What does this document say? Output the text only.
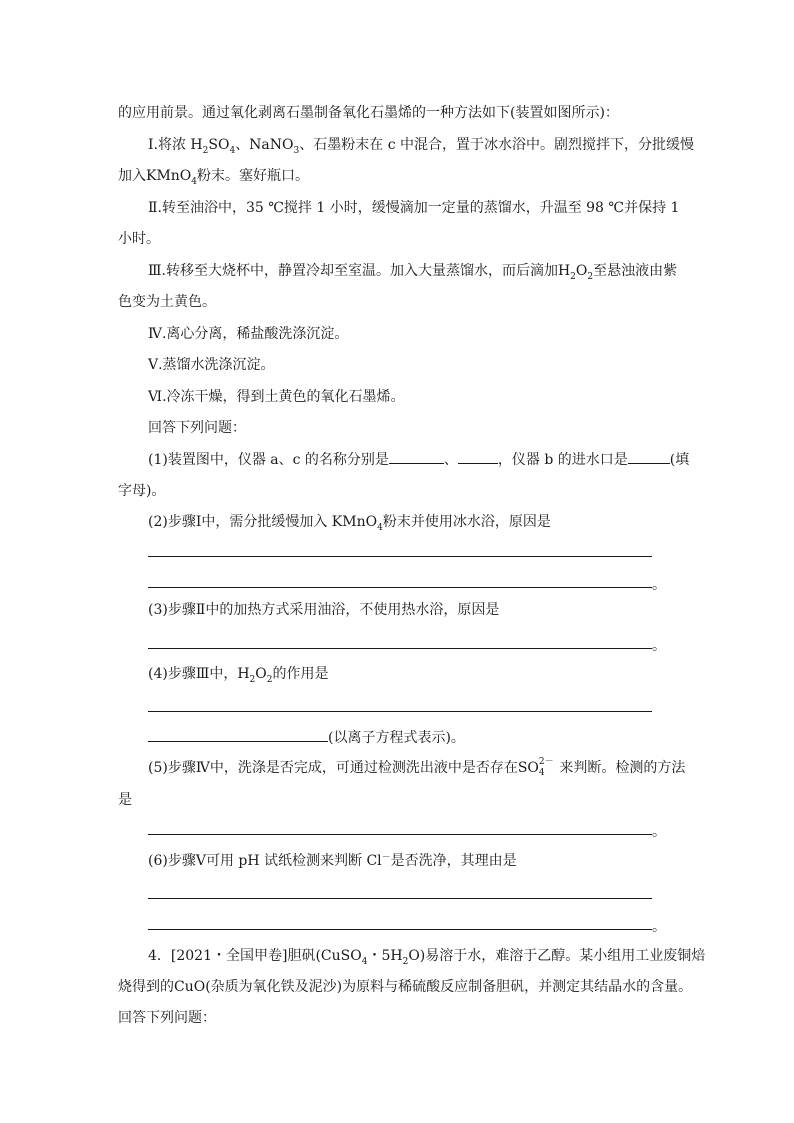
的应用前景。通过氧化剥离石墨制备氧化石墨烯的一种方法如下(装置如图所示)：
Ⅰ.将浓 $H_2SO_4$、NaNO$_3$、石墨粉末在 c 中混合，置于冰水浴中。剧烈搅拌下，分批缓慢
加入KMnO$_4$粉末。塞好瓶口。
Ⅱ.转至油浴中，35 ℃搅拌 1 小时，缓慢滴加一定量的蒸馏水，升温至 98 ℃并保持 1
小时。
Ⅲ.转移至大烧杯中，静置冷却至室温。加入大量蒸馏水，而后滴加$H_2O_2$至悬浊液由紫
色变为土黄色。
Ⅳ.离心分离，稀盐酸洗涤沉淀。
Ⅴ.蒸馏水洗涤沉淀。
Ⅵ.冷冻干燥，得到土黄色的氧化石墨烯。
回答下列问题：
(1)装置图中，仪器 a、c 的名称分别是	、	，仪器 b 的进水口是	(填
字母)。
(2)步骤Ⅰ中，需分批缓慢加入 KMnO$_4$粉末并使用冰水浴，原因是
。
(3)步骤Ⅱ中的加热方式采用油浴，不使用热水浴，原因是
。
(4)步骤Ⅲ中，$H_2O_2$的作用是
(以离子方程式表示)。
(5)步骤Ⅳ中，洗涤是否完成，可通过检测洗出液中是否存在SO 2－
4 来判断。检测的方法
是
。
(6)步骤Ⅴ可用 pH 试纸检测来判断 Cl－是否洗净，其理由是
。
4．[2021・全国甲卷]胆矾(CuSO$_4$・$5H_2O$)易溶于水，难溶于乙醇。某小组用工业废铜焙
烧得到的CuO(杂质为氧化铁及泥沙)为原料与稀硫酸反应制备胆矾，并测定其结晶水的含量。
回答下列问题：
